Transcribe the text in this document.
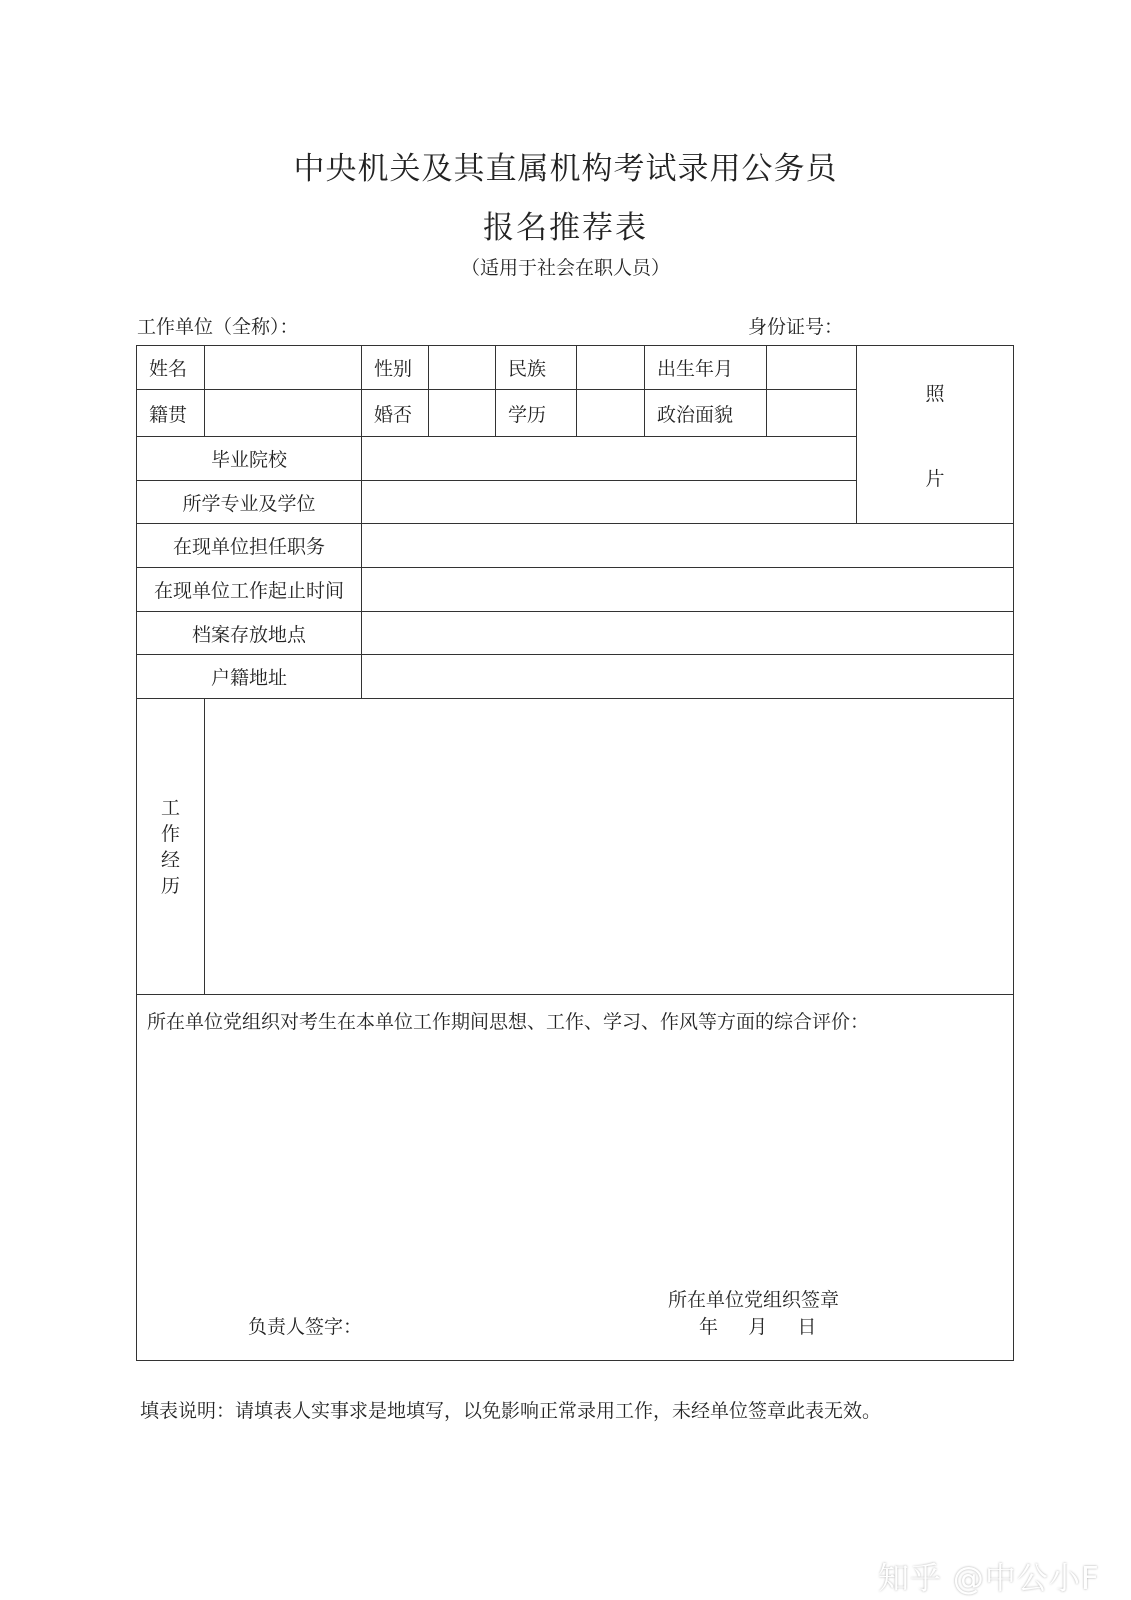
中央机关及其直属机构考试录用公务员
报名推荐表
（适用于社会在职人员）
工作单位（全称）：	身份证号：
姓名		性别		民族		出生年月		照
片

籍贯		婚否		学历		政治面貌		
毕业院校								
所学专业及学位								
在现单位担任职务								
在现单位工作起止时间								
档案存放地点								
户籍地址								

工
作
经
历								

所在单位党组织对考生在本单位工作期间思想、工作、学习、作风等方面的综合评价：
所在单位党组织签章
负责人签字： 年     月     日								
填表说明：请填表人实事求是地填写，以免影响正常录用工作，未经单位签章此表无效。
知乎 @中公小F
